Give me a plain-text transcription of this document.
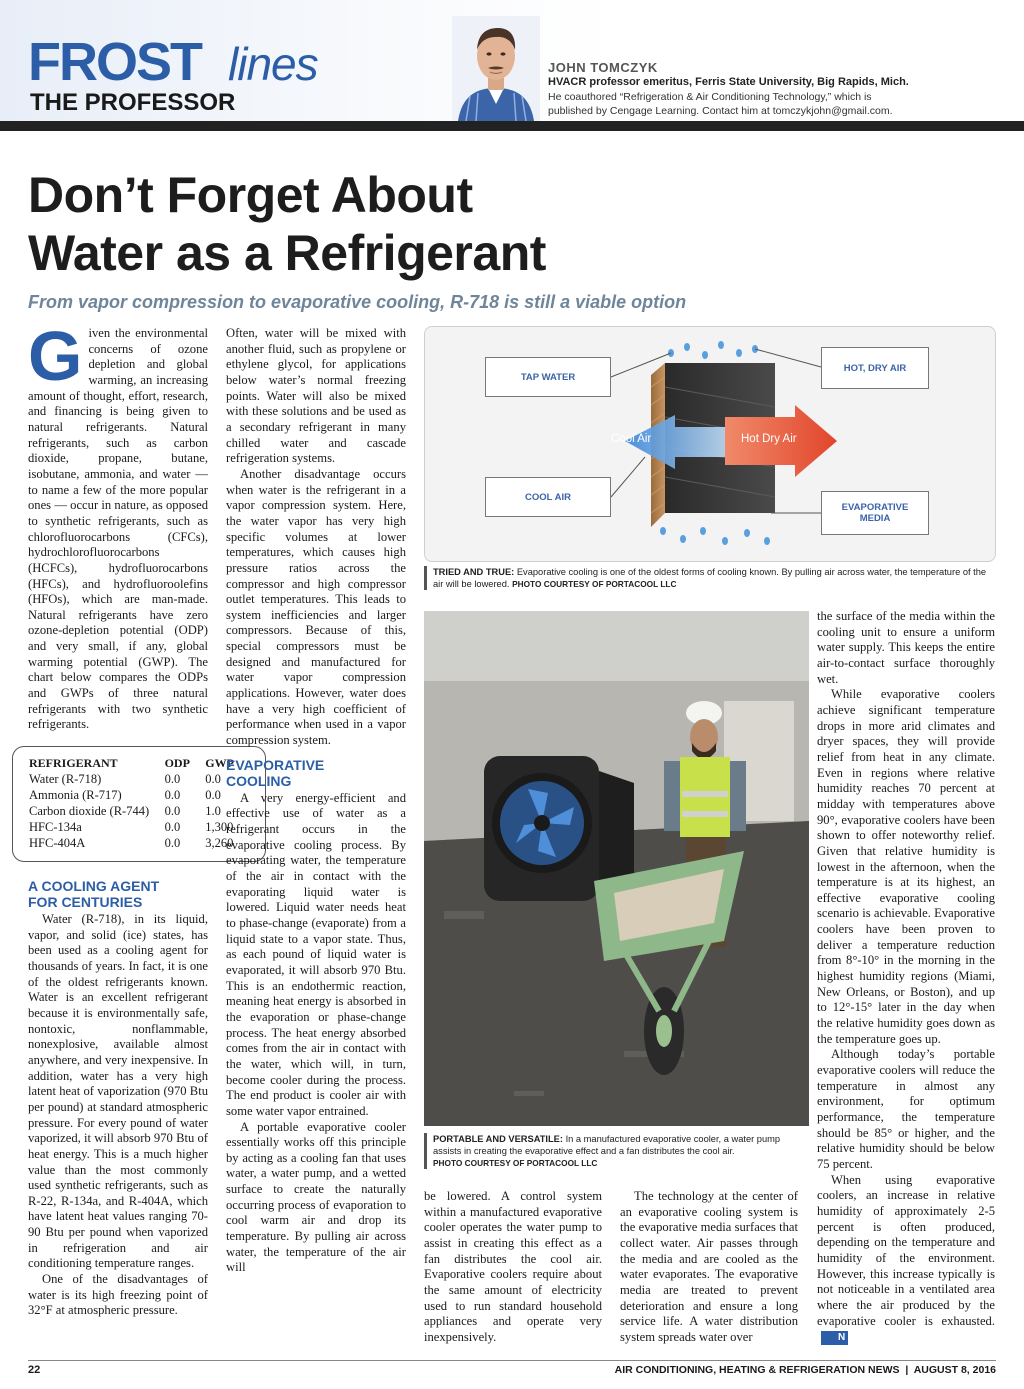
FROST lines
THE PROFESSOR
JOHN TOMCZYK
HVACR professor emeritus, Ferris State University, Big Rapids, Mich.
He coauthored “Refrigeration & Air Conditioning Technology,” which is
published by Cengage Learning. Contact him at tomczykjohn@gmail.com.
Don’t Forget About
Water as a Refrigerant
From vapor compression to evaporative cooling, R-718 is still a viable option

Given the environmental concerns of ozone depletion and global warming, an increasing amount of thought, effort, research, and financing is being given to natural refrigerants. Natural refrigerants, such as carbon dioxide, propane, butane, isobutane, ammonia, and water — to name a few of the more popular ones — occur in nature, as opposed to synthetic refrigerants, such as chlorofluorocarbons (CFCs), hydrochlorofluorocarbons (HCFCs), hydrofluorocarbons (HFCs), and hydrofluoroolefins (HFOs), which are man-made. Natural refrigerants have zero ozone-depletion potential (ODP) and very small, if any, global warming potential (GWP). The chart below compares the ODPs and GWPs of three natural refrigerants with two synthetic refrigerants.

REFRIGERANT	ODP	GWP
Water (R-718)	0.0	0.0
Ammonia (R-717)	0.0	0.0
Carbon dioxide (R-744)	0.0	1.0
HFC-134a	0.0	1,300
HFC-404A	0.0	3,260
A COOLING AGENT
FOR CENTURIES

Water (R-718), in its liquid, vapor, and solid (ice) states, has been used as a cooling agent for thousands of years. In fact, it is one of the oldest refrigerants known. Water is an excellent refrigerant because it is environmentally safe, nontoxic, nonflammable, nonexplosive, available almost anywhere, and very inexpensive. In addition, water has a very high latent heat of vaporization (970 Btu per pound) at standard atmospheric pressure. For every pound of water vaporized, it will absorb 970 Btu of heat energy. This is a much higher value than the most commonly used synthetic refrigerants, such as R-22, R-134a, and R-404A, which have latent heat values ranging 70-90 Btu per pound when vaporized in refrigeration and air conditioning temperature ranges.

One of the disadvantages of water is its high freezing point of 32°F at atmospheric pressure.

Often, water will be mixed with another fluid, such as propylene or ethylene glycol, for applications below water’s normal freezing points. Water will also be mixed with these solutions and be used as a secondary refrigerant in many chilled water and cascade refrigeration systems.

Another disadvantage occurs when water is the refrigerant in a vapor compression system. Here, the water vapor has very high specific volumes at lower temperatures, which causes high pressure ratios across the compressor and high compressor outlet temperatures. This leads to system inefficiencies and larger compressors. Because of this, special compressors must be designed and manufactured for water vapor compression applications. However, water does have a very high coefficient of performance when used in a vapor compression system.

EVAPORATIVE
COOLING

A very energy-efficient and effective use of water as a refrigerant occurs in the evaporative cooling process. By evaporating water, the temperature of the air in contact with the evaporating liquid water is lowered. Liquid water needs heat to phase-change (evaporate) from a liquid state to a vapor state. Thus, as each pound of liquid water is evaporated, it will absorb 970 Btu. This is an endothermic reaction, meaning heat energy is absorbed in the evaporation or phase-change process. The heat energy absorbed comes from the air in contact with the water, which will, in turn, become cooler during the process. The end product is cooler air with some water vapor entrained.

A portable evaporative cooler essentially works off this principle by acting as a cooling fan that uses water, a water pump, and a wetted surface to create the naturally occurring process of evaporation to cool warm air and drop its temperature. By pulling air across water, the temperature of the air will

TAP WATER
HOT, DRY AIR
COOL AIR
EVAPORATIVE
MEDIA
Cool Air	Hot Dry Air
TRIED AND TRUE: Evaporative cooling is one of the oldest forms of cooling known. By pulling air across water, the temperature of the air will be lowered. PHOTO COURTESY OF PORTACOOL LLC
PORTABLE AND VERSATILE: In a manufactured evaporative cooler, a water pump assists in creating the evaporative effect and a fan distributes the cool air.
PHOTO COURTESY OF PORTACOOL LLC

be lowered. A control system within a manufactured evaporative cooler operates the water pump to assist in creating this effect as a fan distributes the cool air. Evaporative coolers require about the same amount of electricity used to run standard household appliances and operate very inexpensively.

The technology at the center of an evaporative cooling system is the evaporative media surfaces that collect water. Air passes through the media and are cooled as the water evaporates. The evaporative media are treated to prevent deterioration and ensure a long service life. A water distribution system spreads water over

the surface of the media within the cooling unit to ensure a uniform water supply. This keeps the entire air-to-contact surface thoroughly wet.

While evaporative coolers achieve significant temperature drops in more arid climates and dryer spaces, they will provide relief from heat in any climate. Even in regions where relative humidity reaches 70 percent at midday with temperatures above 90°, evaporative coolers have been shown to offer noteworthy relief. Given that relative humidity is lowest in the afternoon, when the temperature is at its highest, an effective evaporative cooling scenario is achievable. Evaporative coolers have been proven to deliver a temperature reduction from 8°-10° in the morning in the highest humidity regions (Miami, New Orleans, or Boston), and up to 12°-15° later in the day when the relative humidity goes down as the temperature goes up.

Although today’s portable evaporative coolers will reduce the temperature in almost any environment, for optimum performance, the temperature should be 85° or higher, and the relative humidity should be below 75 percent.

When using evaporative coolers, an increase in relative humidity of approximately 2-5 percent is often produced, depending on the temperature and humidity of the environment. However, this increase typically is not noticeable in a ventilated area where the air produced by the evaporative cooler is exhausted.N

22	AIR CONDITIONING, HEATING & REFRIGERATION NEWS  |  AUGUST 8, 2016
